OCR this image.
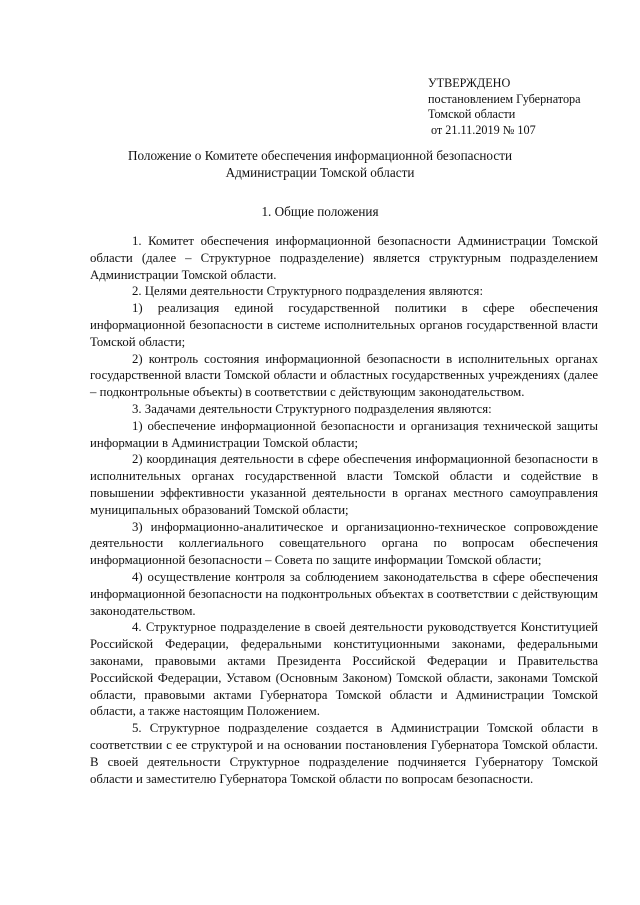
УТВЕРЖДЕНО
постановлением Губернатора
Томской области
от 21.11.2019 № 107
Положение о Комитете обеспечения информационной безопасности
Администрации Томской области
1. Общие положения

1. Комитет обеспечения информационной безопасности Администрации Томской области (далее – Структурное подразделение) является структурным подразделением Администрации Томской области.

2. Целями деятельности Структурного подразделения являются:

1) реализация единой государственной политики в сфере обеспечения информационной безопасности в системе исполнительных органов государственной власти Томской области;

2) контроль состояния информационной безопасности в исполнительных органах государственной власти Томской области и областных государственных учреждениях (далее – подконтрольные объекты) в соответствии с действующим законодательством.

3. Задачами деятельности Структурного подразделения являются:

1) обеспечение информационной безопасности и организация технической защиты информации в Администрации Томской области;

2) координация деятельности в сфере обеспечения информационной безопасности в исполнительных органах государственной власти Томской области и содействие в повышении эффективности указанной деятельности в органах местного самоуправления муниципальных образований Томской области;

3) информационно-аналитическое и организационно-техническое сопровождение деятельности коллегиального совещательного органа по вопросам обеспечения информационной безопасности – Совета по защите информации Томской области;

4) осуществление контроля за соблюдением законодательства в сфере обеспечения информационной безопасности на подконтрольных объектах в соответствии с действующим законодательством.

4. Структурное подразделение в своей деятельности руководствуется Конституцией Российской Федерации, федеральными конституционными законами, федеральными законами, правовыми актами Президента Российской Федерации и Правительства Российской Федерации, Уставом (Основным Законом) Томской области, законами Томской области, правовыми актами Губернатора Томской области и Администрации Томской области, а также настоящим Положением.

5. Структурное подразделение создается в Администрации Томской области в соответствии с ее структурой и на основании постановления Губернатора Томской области. В своей деятельности Структурное подразделение подчиняется Губернатору Томской области и заместителю Губернатора Томской области по вопросам безопасности.
